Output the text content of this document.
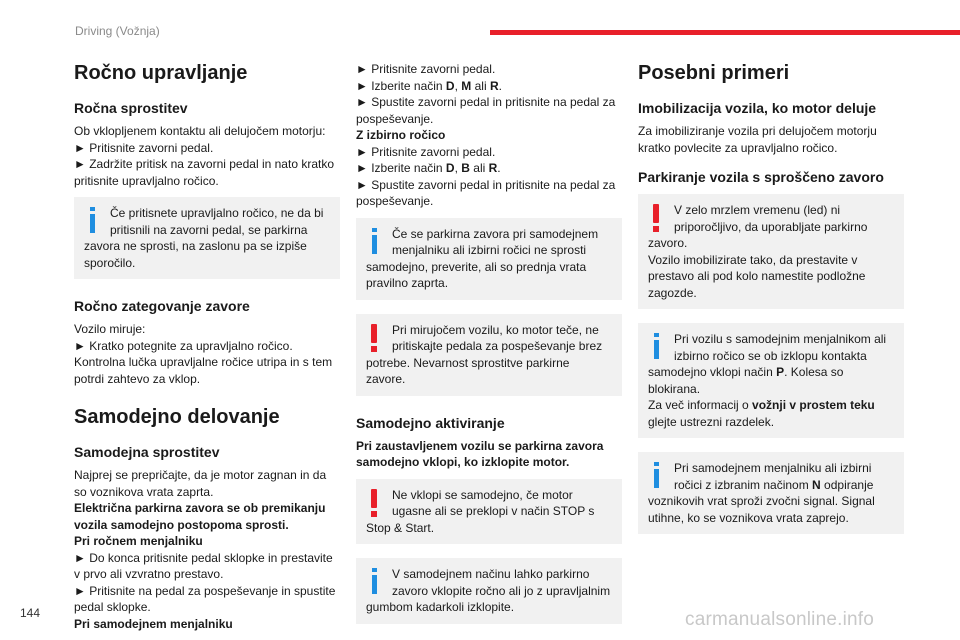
Driving (Vožnja)
Ročno upravljanje
Ročna sprostitev

Ob vklopljenem kontaktu ali delujočem motorju:

► Pritisnite zavorni pedal.

► Zadržite pritisk na zavorni pedal in nato kratko pritisnite upravljalno ročico.

Če pritisnete upravljalno ročico, ne da bi pritisnili na zavorni pedal, se parkirna zavora ne sprosti, na zaslonu pa se izpiše sporočilo.
Ročno zategovanje zavore

Vozilo miruje:

► Kratko potegnite za upravljalno ročico.

Kontrolna lučka upravljalne ročice utripa in s tem potrdi zahtevo za vklop.

Samodejno delovanje
Samodejna sprostitev

Najprej se prepričajte, da je motor zagnan in da so voznikova vrata zaprta.

Električna parkirna zavora se ob premikanju vozila samodejno postopoma sprosti.

Pri ročnem menjalniku

► Do konca pritisnite pedal sklopke in prestavite v prvo ali vzvratno prestavo.

► Pritisnite na pedal za pospeševanje in spustite pedal sklopke.

Pri samodejnem menjalniku

► Pritisnite zavorni pedal.

► Izberite način D, M ali R.

► Spustite zavorni pedal in pritisnite na pedal za pospeševanje.

Z izbirno ročico

► Pritisnite zavorni pedal.

► Izberite način D, B ali R.

► Spustite zavorni pedal in pritisnite na pedal za pospeševanje.

Če se parkirna zavora pri samodejnem menjalniku ali izbirni ročici ne sprosti samodejno, preverite, ali so prednja vrata pravilno zaprta.
Pri mirujočem vozilu, ko motor teče, ne pritiskajte pedala za pospeševanje brez potrebe. Nevarnost sprostitve parkirne zavore.
Samodejno aktiviranje

Pri zaustavljenem vozilu se parkirna zavora samodejno vklopi, ko izklopite motor.

Ne vklopi se samodejno, če motor ugasne ali se preklopi v način STOP s Stop & Start.
V samodejnem načinu lahko parkirno zavoro vklopite ročno ali jo z upravljalnim gumbom kadarkoli izklopite.
Posebni primeri
Imobilizacija vozila, ko motor deluje

Za imobiliziranje vozila pri delujočem motorju kratko povlecite za upravljalno ročico.

Parkiranje vozila s sproščeno zavoro
V zelo mrzlem vremenu (led) ni priporočljivo, da uporabljate parkirno zavoro.
Vozilo imobilizirate tako, da prestavite v prestavo ali pod kolo namestite podložne zagozde.
Pri vozilu s samodejnim menjalnikom ali izbirno ročico se ob izklopu kontakta samodejno vklopi način P. Kolesa so blokirana.
Za več informacij o vožnji v prostem teku glejte ustrezni razdelek.
Pri samodejnem menjalniku ali izbirni ročici z izbranim načinom N odpiranje voznikovih vrat sproži zvočni signal. Signal utihne, ko se voznikova vrata zaprejo.
144	carmanualsonline.info
